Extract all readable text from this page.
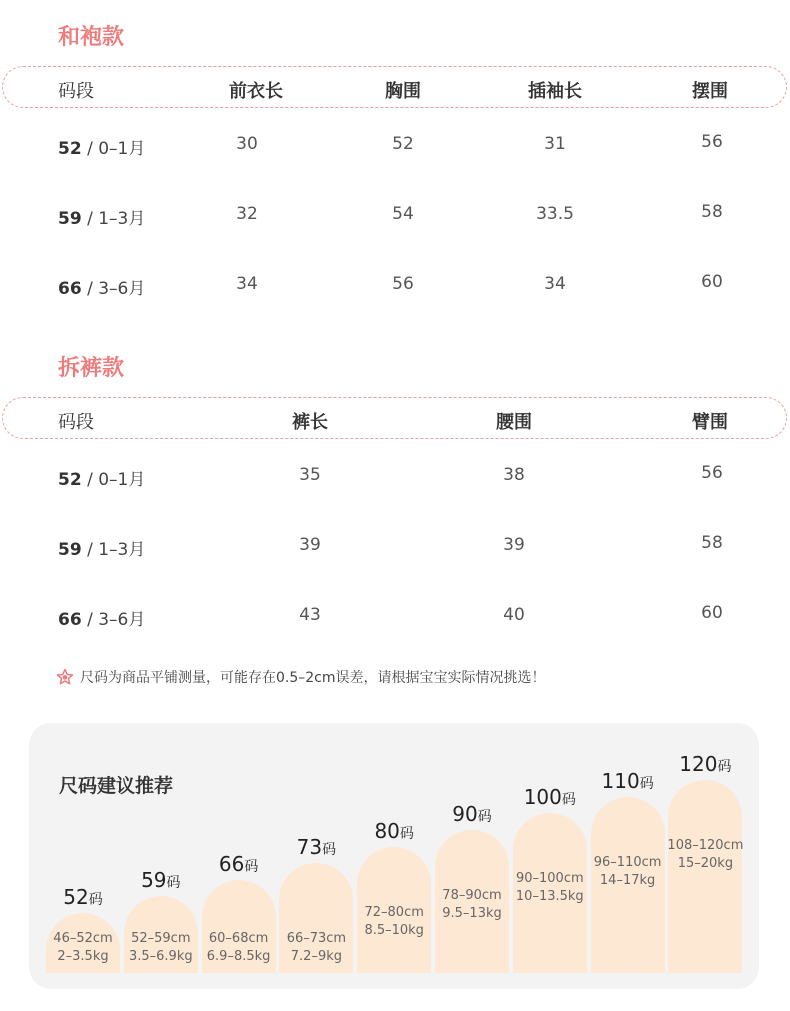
和袍款
码段	前衣长	胸围	插袖长	摆围
52 / 0–1月	30	52	31	56
59 / 1–3月	32	54	33.5	58
66 / 3–6月	34	56	34	60
拆裤款
码段	裤长	腰围	臂围
52 / 0–1月	35	38	56
59 / 1–3月	39	39	58
66 / 3–6月	43	40	60
尺码为商品平铺测量，可能存在0.5–2cm误差，请根据宝宝实际情况挑选！
尺码建议推荐
52码
46–52cm
2–3.5kg
59码
52–59cm
3.5–6.9kg
66码
60–68cm
6.9–8.5kg
73码
66–73cm
7.2–9kg
80码
72–80cm
8.5–10kg
90码
78–90cm
9.5–13kg
100码
90–100cm
10–13.5kg
110码
96–110cm
14–17kg
120码
108–120cm
15–20kg
